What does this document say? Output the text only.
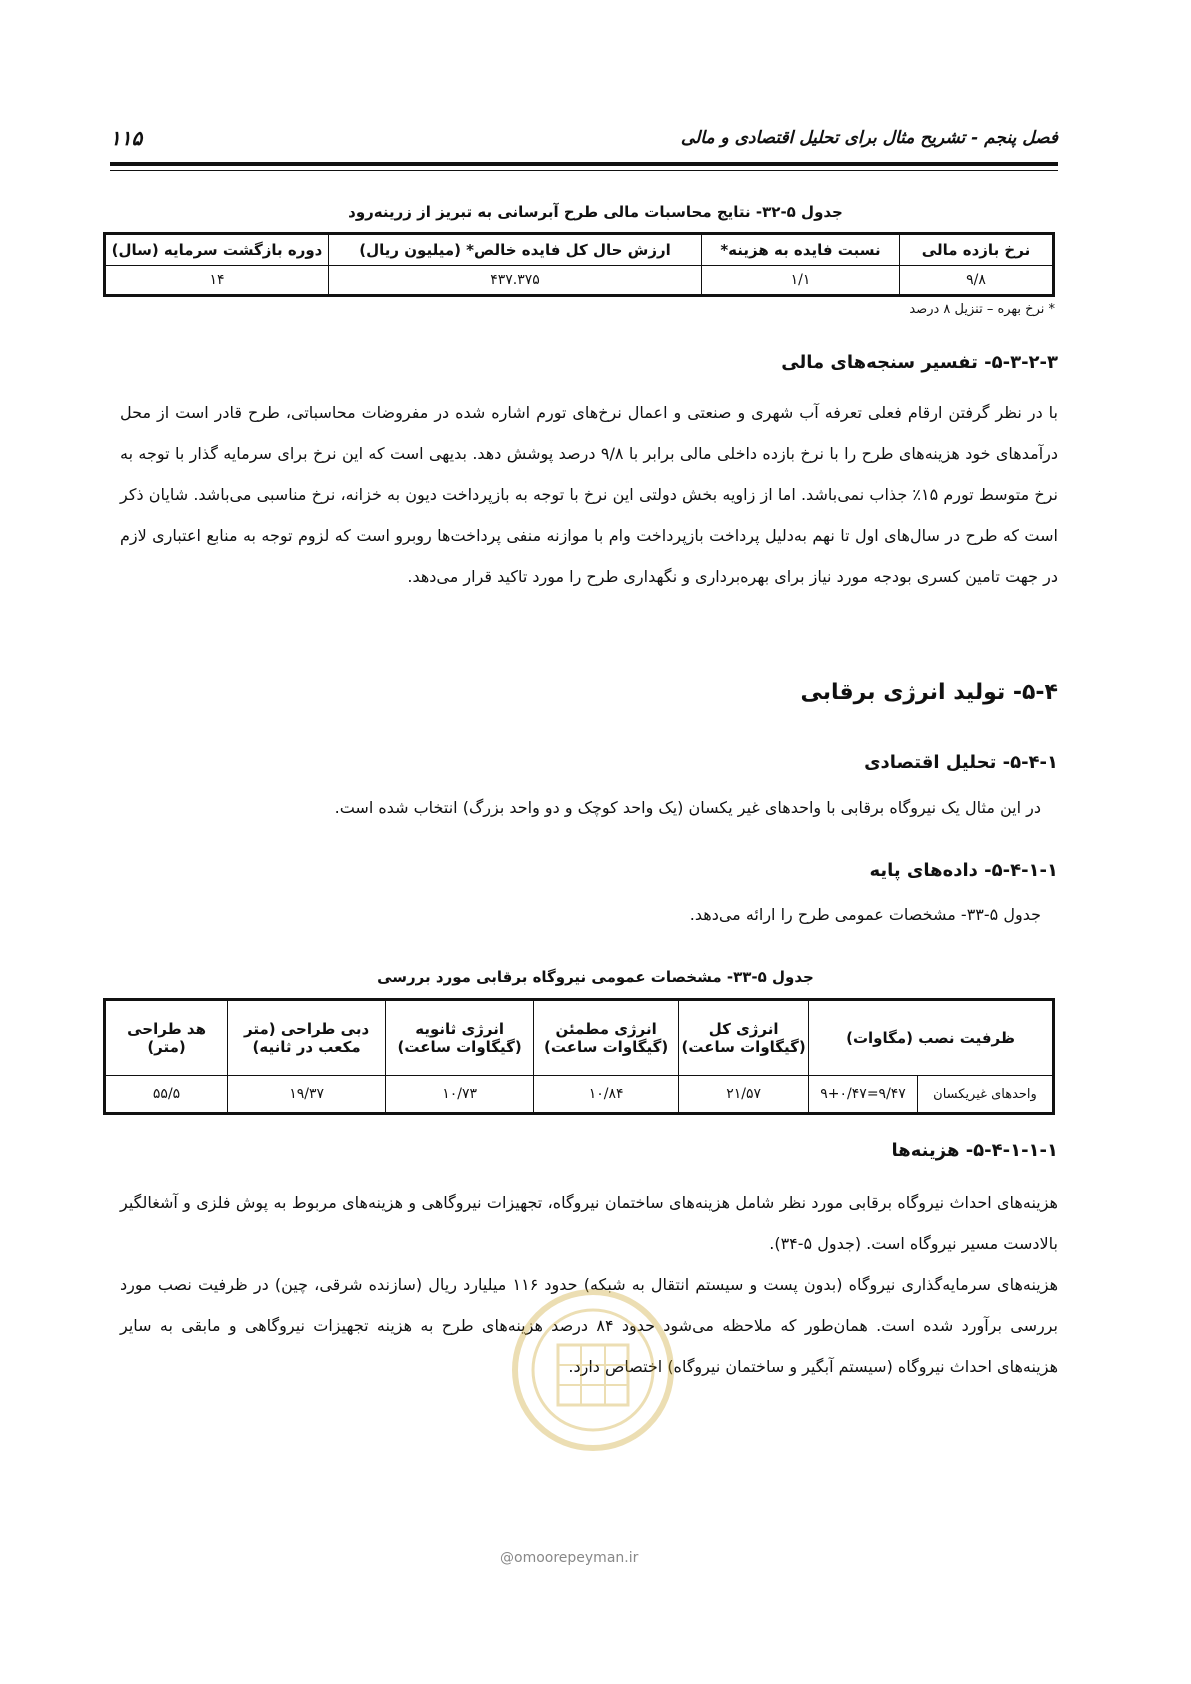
فصل پنجم - تشریح مثال برای تحلیل اقتصادی و مالی
۱۱۵
جدول ۵-۳۲- نتایج محاسبات مالی طرح آبرسانی به تبریز از زرینه‌رود
نرخ بازده مالی	نسبت فایده به هزینه*	ارزش حال کل فایده خالص* (میلیون ریال)	دوره بازگشت سرمایه (سال)
۹/۸	۱/۱	۴۳۷.۳۷۵	۱۴
* نرخ بهره – تنزیل ۸ درصد
۵-۳-۲-۳- تفسیر سنجه‌های مالی
با در نظر گرفتن ارقام فعلی تعرفه آب شهری و صنعتی و اعمال نرخ‌های تورم اشاره شده در مفروضات محاسباتی، طرح قادر است از محل درآمدهای خود هزینه‌های طرح را با نرخ بازده داخلی مالی برابر با ۹/۸ درصد پوشش دهد. بدیهی است که این نرخ برای سرمایه گذار با توجه به نرخ متوسط تورم ۱۵٪ جذاب نمی‌باشد. اما از زاویه بخش دولتی این نرخ با توجه به بازپرداخت دیون به خزانه، نرخ مناسبی می‌باشد. شایان ذکر است که طرح در سال‌های اول تا نهم به‌دلیل پرداخت بازپرداخت وام با موازنه منفی پرداخت‌ها روبرو است که لزوم توجه به منابع اعتباری لازم در جهت تامین کسری بودجه مورد نیاز برای بهره‌برداری و نگهداری طرح را مورد تاکید قرار می‌دهد.
۵-۴- تولید انرژی برقابی
۵-۴-۱- تحلیل اقتصادی
در این مثال یک نیروگاه برقابی با واحدهای غیر یکسان (یک واحد کوچک و دو واحد بزرگ) انتخاب شده است.
۵-۴-۱-۱- داده‌های پایه
جدول ۵-۳۳- مشخصات عمومی طرح را ارائه می‌دهد.
جدول ۵-۳۳- مشخصات عمومی نیروگاه برقابی مورد بررسی
ظرفیت نصب (مگاوات)		انرژی کل (گیگاوات ساعت)	انرژی مطمئن (گیگاوات ساعت)	انرژی ثانویه (گیگاوات ساعت)	دبی طراحی (متر مکعب در ثانیه)	هد طراحی (متر)
واحدهای غیریکسان	۹/۴۷=۹+۰/۴۷	۲۱/۵۷	۱۰/۸۴	۱۰/۷۳	۱۹/۳۷	۵۵/۵
۵-۴-۱-۱-۱- هزینه‌ها
هزینه‌های احداث نیروگاه برقابی مورد نظر شامل هزینه‌های ساختمان نیروگاه، تجهیزات نیروگاهی و هزینه‌های مربوط به پوش فلزی و آشغالگیر بالادست مسیر نیروگاه است. (جدول ۵-۳۴).
هزینه‌های سرمایه‌گذاری نیروگاه (بدون پست و سیستم انتقال به شبکه) حدود ۱۱۶ میلیارد ریال (سازنده شرقی، چین) در ظرفیت نصب مورد بررسی برآورد شده است. همان‌طور که ملاحظه می‌شود حدود ۸۴ درصد هزینه‌های طرح به هزینه تجهیزات نیروگاهی و مابقی به سایر هزینه‌های احداث نیروگاه (سیستم آبگیر و ساختمان نیروگاه) اختصاص دارد.
@omoorepeyman.ir
